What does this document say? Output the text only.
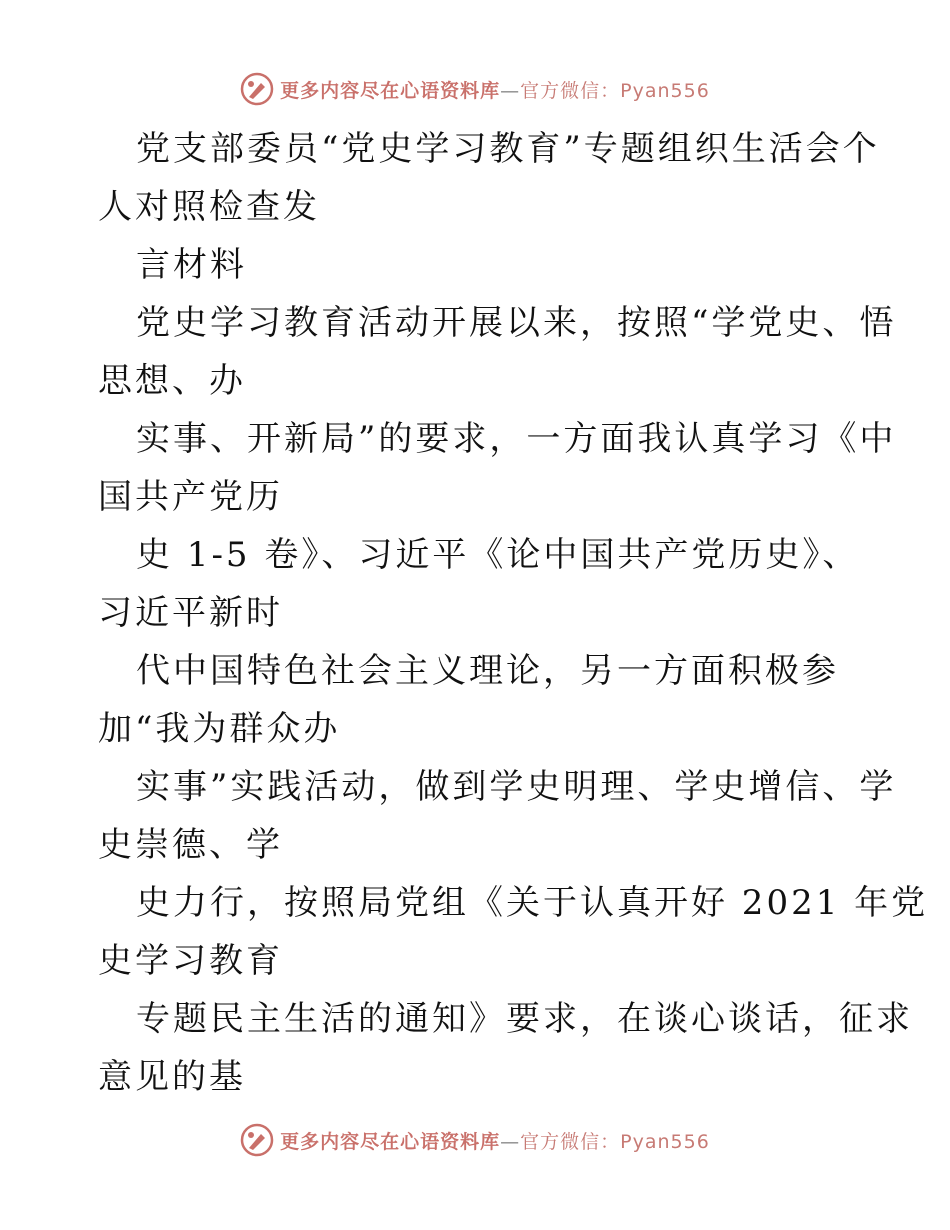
更多内容尽在心语资料库—官方微信：Pyan556
党支部委员“党史学习教育”专题组织生活会个
人对照检查发
言材料
党史学习教育活动开展以来，按照“学党史、悟
思想、办
实事、开新局”的要求，一方面我认真学习《中
国共产党历
史 1-5 卷》、习近平《论中国共产党历史》、
习近平新时
代中国特色社会主义理论，另一方面积极参
加“我为群众办
实事”实践活动，做到学史明理、学史增信、学
史崇德、学
史力行，按照局党组《关于认真开好 2021 年党
史学习教育
专题民主生活的通知》要求，在谈心谈话，征求
意见的基
更多内容尽在心语资料库—官方微信：Pyan556
